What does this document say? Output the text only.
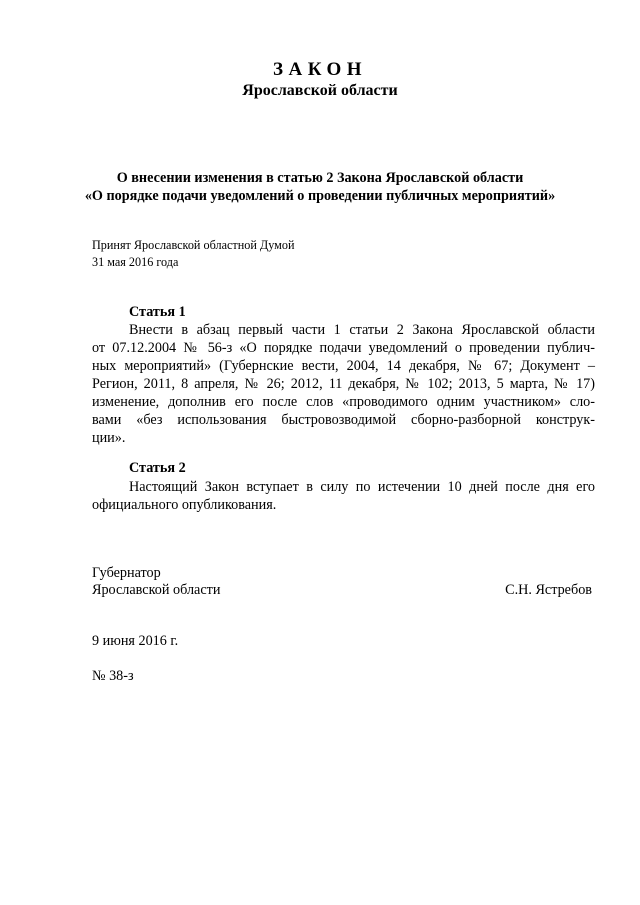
ЗАКОН
Ярославской области
О внесении изменения в статью 2 Закона Ярославской области
«О порядке подачи уведомлений о проведении публичных мероприятий»
Принят Ярославской областной Думой
31 мая 2016 года
Статья 1
Внести в абзац первый части 1 статьи 2 Закона Ярославской области
от 07.12.2004 № 56-з «О порядке подачи уведомлений о проведении публич-
ных мероприятий» (Губернские вести, 2004, 14 декабря, № 67; Документ –
Регион, 2011, 8 апреля, № 26; 2012, 11 декабря, № 102; 2013, 5 марта, № 17)
изменение, дополнив его после слов «проводимого одним участником» сло-
вами «без использования быстровозводимой сборно-разборной конструк-
ции».
Статья 2
Настоящий Закон вступает в силу по истечении 10 дней после дня его
официального опубликования.
Губернатор
Ярославской области	С.Н. Ястребов
9 июня 2016 г.
№ 38-з
